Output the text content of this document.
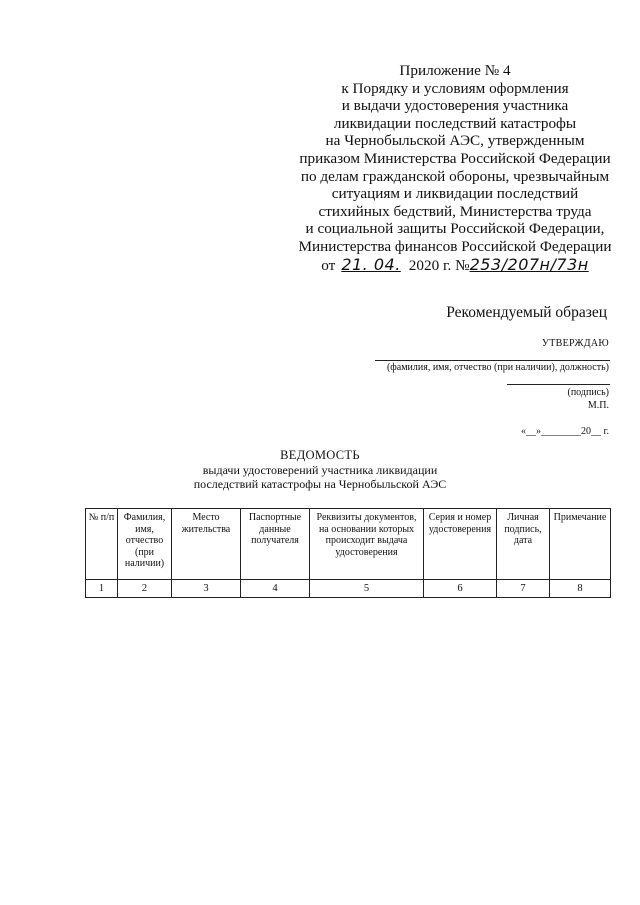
Приложение № 4
к Порядку и условиям оформления
и выдачи удостоверения участника
ликвидации последствий катастрофы
на Чернобыльской АЭС, утвержденным
приказом Министерства Российской Федерации
по делам гражданской обороны, чрезвычайным
ситуациям и ликвидации последствий
стихийных бедствий, Министерства труда
и социальной защиты Российской Федерации,
Министерства финансов Российской Федерации
от 21. 04. 2020 г. №253/207н/73н
Рекомендуемый образец
УТВЕРЖДАЮ
(фамилия, имя, отчество (при наличии), должность)
(подпись)
М.П.
«__»________20__ г.
ВЕДОМОСТЬ
выдачи удостоверений участника ликвидации
последствий катастрофы на Чернобыльской АЭС
№ п/п	Фамилия, имя, отчество (при наличии)	Место жительства	Паспортные данные получателя	Реквизиты документов, на основании которых происходит выдача удостоверения	Серия и номер удостоверения	Личная подпись, дата	Примечание
1	2	3	4	5	6	7	8
